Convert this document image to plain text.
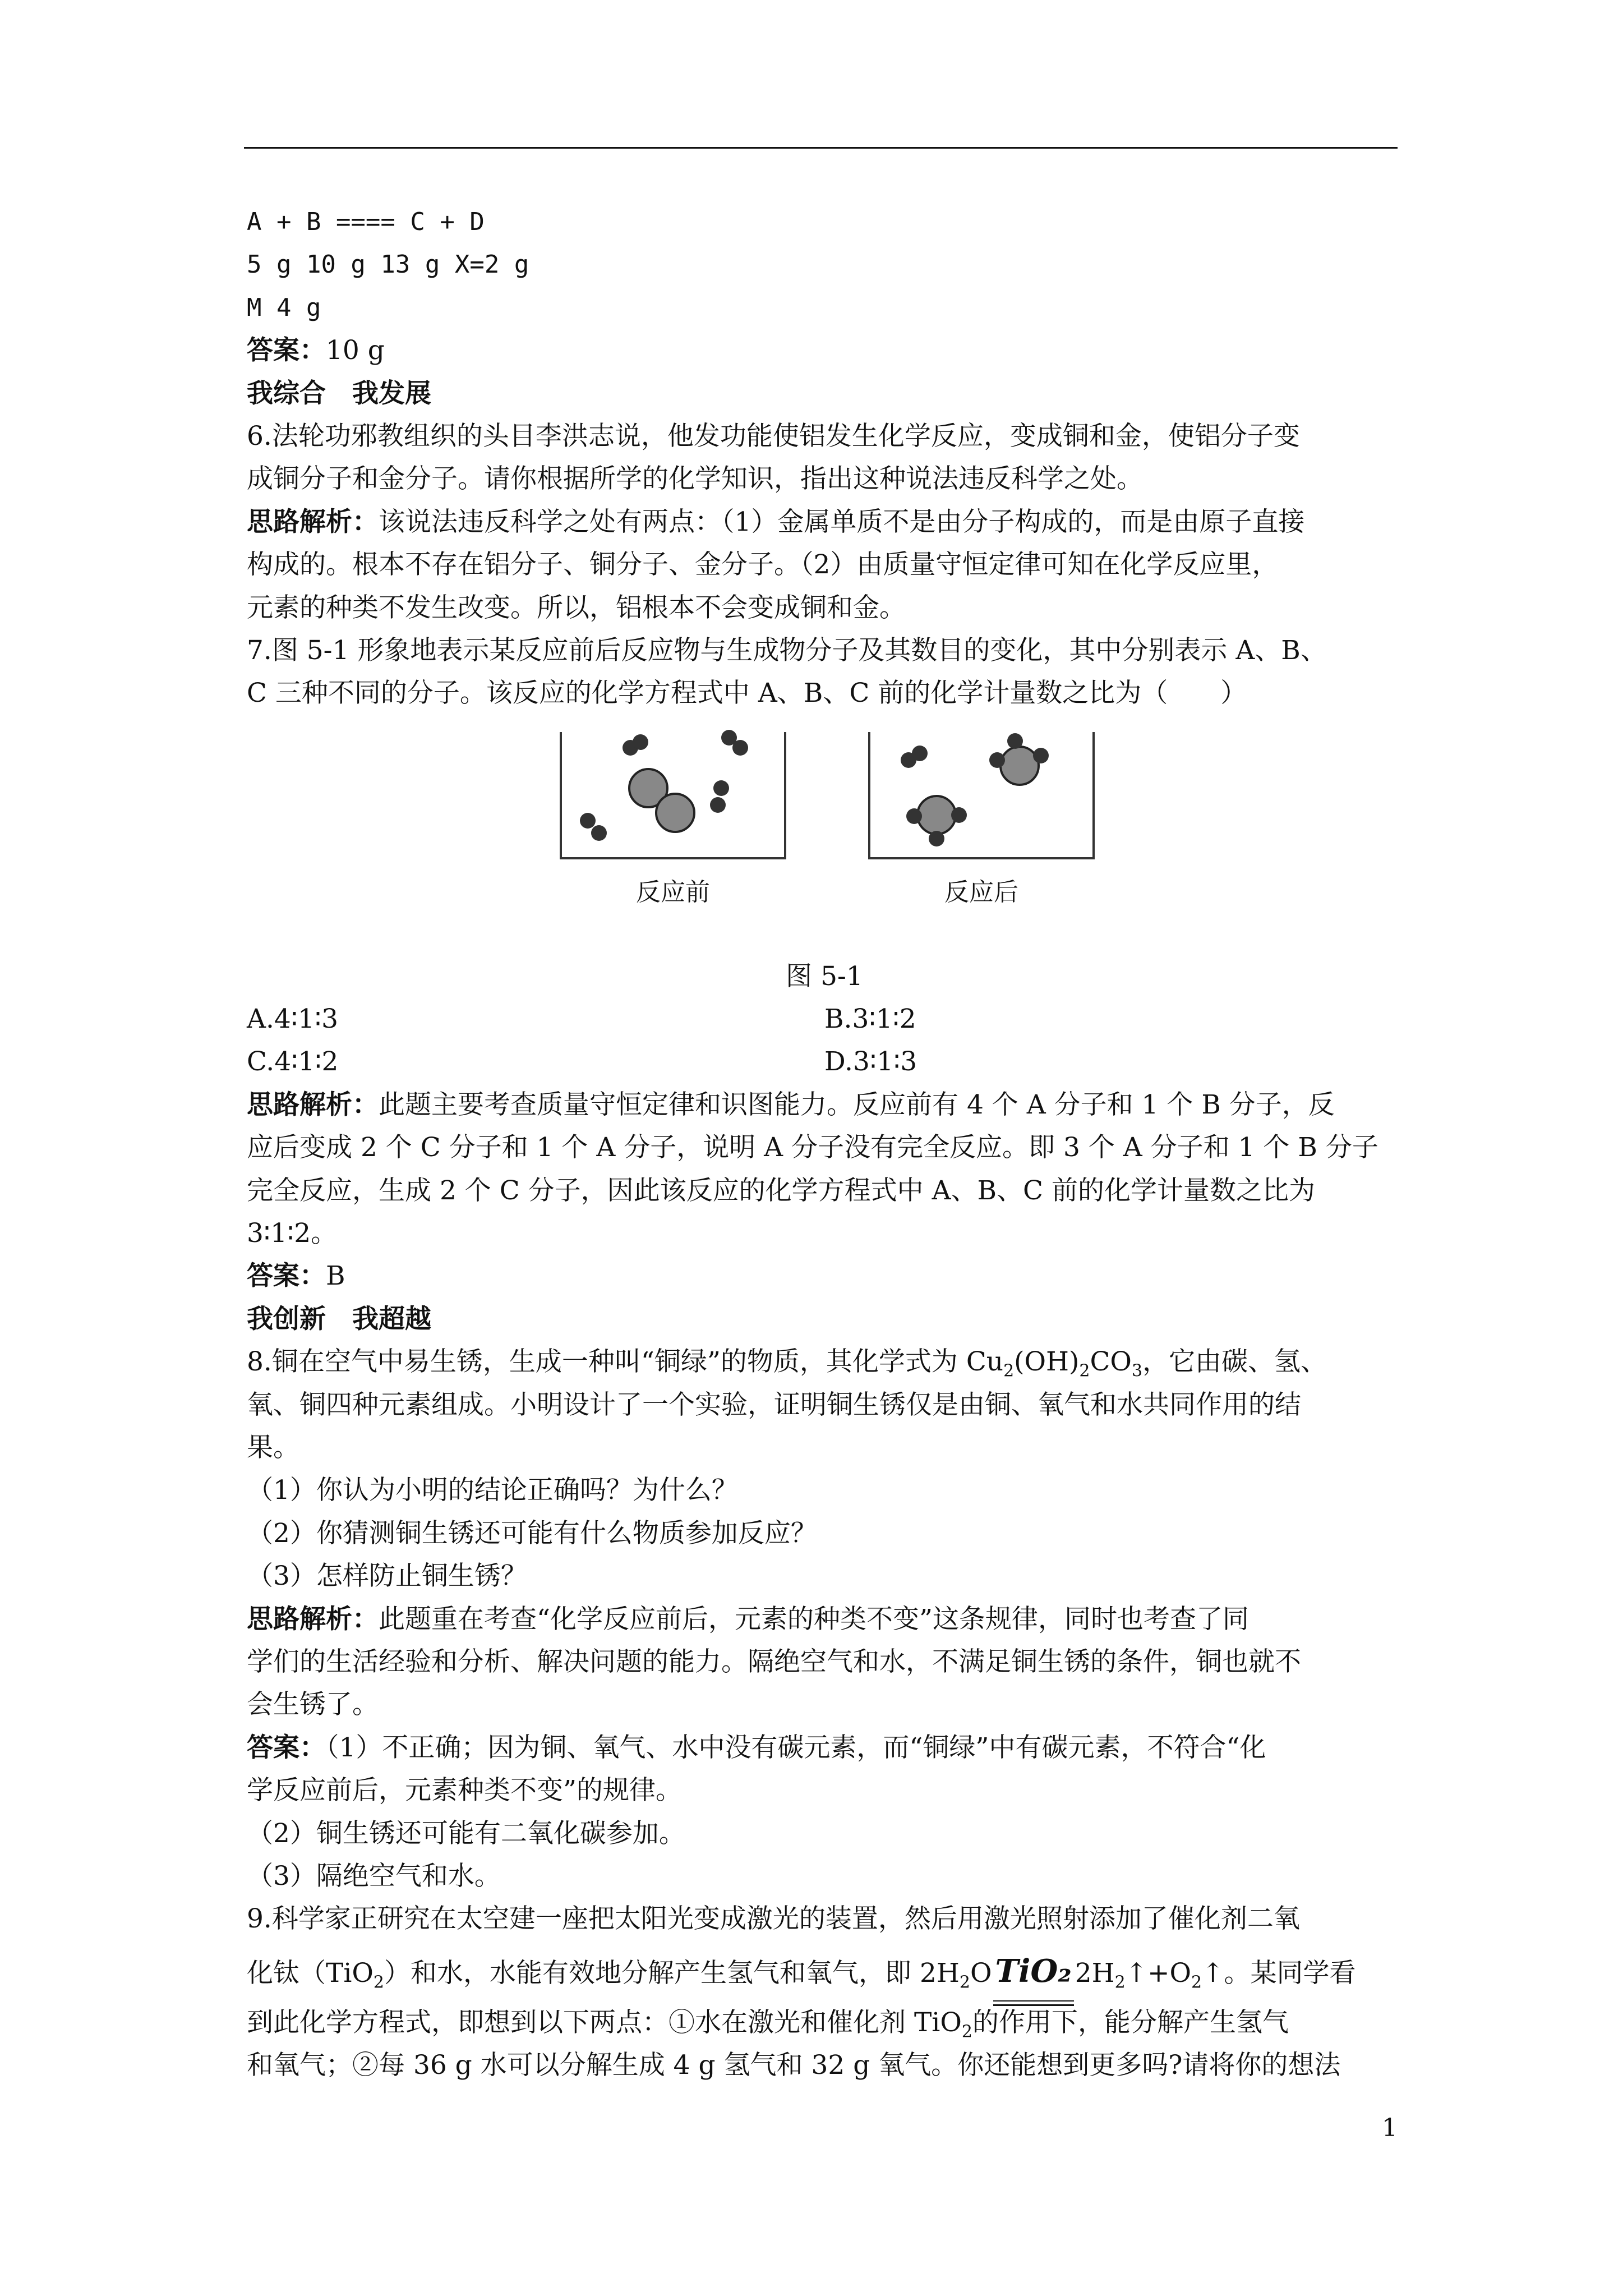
A + B ==== C + D
5 g 10 g 13 g X=2 g
M 4 g
答案：10 g
我综合　我发展
6.法轮功邪教组织的头目李洪志说，他发功能使铝发生化学反应，变成铜和金，使铝分子变
成铜分子和金分子。请你根据所学的化学知识，指出这种说法违反科学之处。
思路解析：该说法违反科学之处有两点：（1）金属单质不是由分子构成的，而是由原子直接
构成的。根本不存在铝分子、铜分子、金分子。（2）由质量守恒定律可知在化学反应里，
元素的种类不发生改变。所以，铝根本不会变成铜和金。
7.图 5-1 形象地表示某反应前后反应物与生成物分子及其数目的变化，其中分别表示 A、B、
C 三种不同的分子。该反应的化学方程式中 A、B、C 前的化学计量数之比为（　　）
反应前	反应后
图 5-1
A.4∶1∶3	B.3∶1∶2
C.4∶1∶2	D.3∶1∶3
思路解析：此题主要考查质量守恒定律和识图能力。反应前有 4 个 A 分子和 1 个 B 分子，反
应后变成 2 个 C 分子和 1 个 A 分子，说明 A 分子没有完全反应。即 3 个 A 分子和 1 个 B 分子
完全反应，生成 2 个 C 分子，因此该反应的化学方程式中 A、B、C 前的化学计量数之比为
3∶1∶2。
答案：B
我创新　我超越
8.铜在空气中易生锈，生成一种叫“铜绿”的物质，其化学式为 $Cu_2(OH)_2CO_3$，它由碳、氢、
氧、铜四种元素组成。小明设计了一个实验，证明铜生锈仅是由铜、氧气和水共同作用的结
果。
（1）你认为小明的结论正确吗？为什么？
（2）你猜测铜生锈还可能有什么物质参加反应？
（3）怎样防止铜生锈？
思路解析：此题重在考查“化学反应前后，元素的种类不变”这条规律，同时也考查了同
学们的生活经验和分析、解决问题的能力。隔绝空气和水，不满足铜生锈的条件，铜也就不
会生锈了。
答案：（1）不正确；因为铜、氧气、水中没有碳元素，而“铜绿”中有碳元素，不符合“化
学反应前后，元素种类不变”的规律。
（2）铜生锈还可能有二氧化碳参加。
（3）隔绝空气和水。
9.科学家正研究在太空建一座把太阳光变成激光的装置，然后用激光照射添加了催化剂二氧
化钛（TiO$_2$）和水，水能有效地分解产生氢气和氧气，即 $2H_2O$ TiO₂ $2H_2↑+O_2↑$。某同学看
到此化学方程式，即想到以下两点：①水在激光和催化剂 TiO$_2$的作用下，能分解产生氢气
和氧气；②每 36 g 水可以分解生成 4 g 氢气和 32 g 氧气。你还能想到更多吗?请将你的想法
1
